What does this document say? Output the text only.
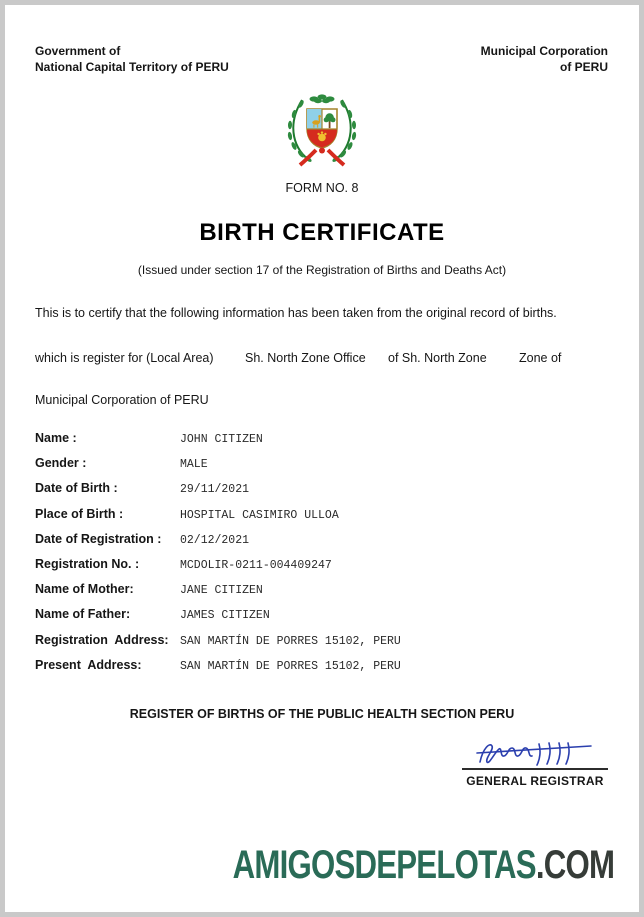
Government of
National Capital Territory of PERU
Municipal Corporation
of PERU
FORM NO. 8
BIRTH CERTIFICATE
(Issued under section 17 of the Registration of Births and Deaths Act)
This is to certify that the following information has been taken from the original record of births.
which is register for (Local Area)	Sh. North Zone Office of Sh. North Zone	Zone of
Municipal Corporation of PERU
Name :	JOHN CITIZEN
Gender :	MALE
Date of Birth :	29/11/2021
Place of Birth :	HOSPITAL CASIMIRO ULLOA
Date of Registration :	02/12/2021
Registration No. :	MCDOLIR-0211-004409247
Name of Mother:	JANE CITIZEN
Name of Father:	JAMES CITIZEN
Registration  Address: SAN MARTÍN DE PORRES 15102, PERU
Present  Address:	SAN MARTÍN DE PORRES 15102, PERU
REGISTER OF BIRTHS OF THE PUBLIC HEALTH SECTION PERU
GENERAL REGISTRAR
AMIGOSDEPELOTAS.COM
